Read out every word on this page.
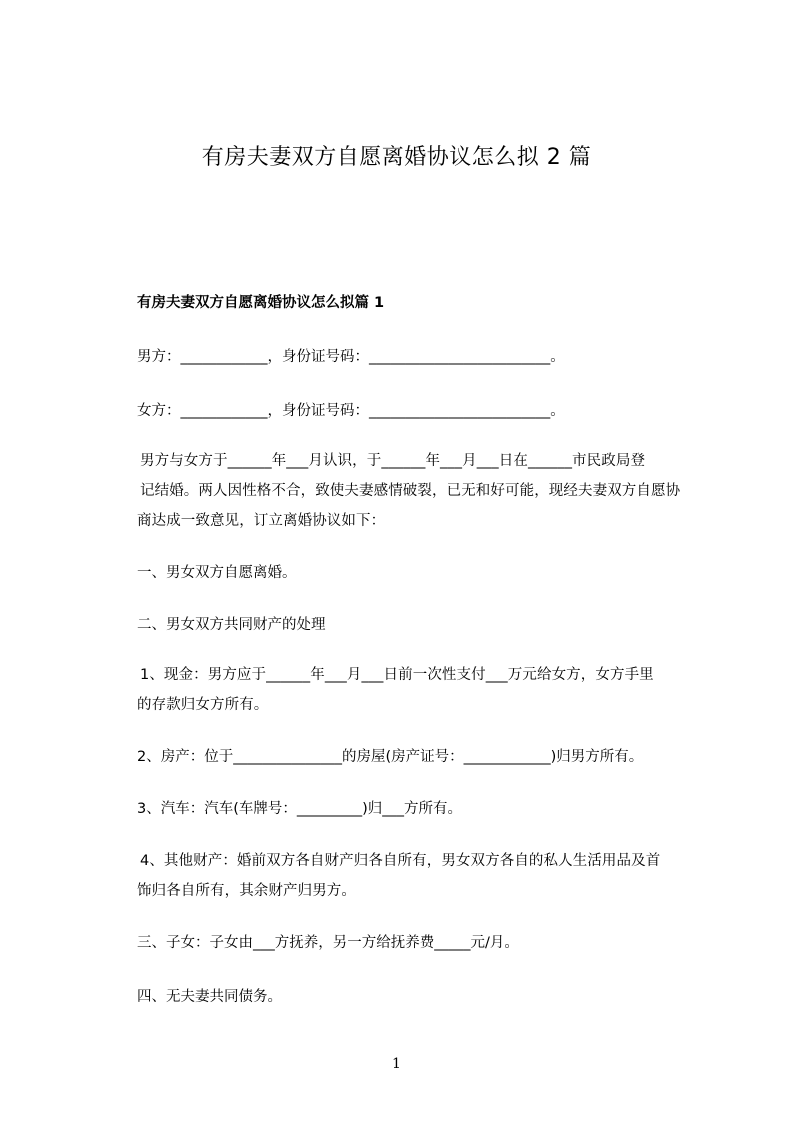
有房夫妻双方自愿离婚协议怎么拟 2 篇
有房夫妻双方自愿离婚协议怎么拟篇 1
男方：____________，身份证号码：_________________________。
女方：____________，身份证号码：_________________________。
男方与女方于______年___月认识，于______年___月___日在______市民政局登
记结婚。两人因性格不合，致使夫妻感情破裂，已无和好可能，现经夫妻双方自愿协
商达成一致意见，订立离婚协议如下：
一、男女双方自愿离婚。
二、男女双方共同财产的处理
1、现金：男方应于______年___月___日前一次性支付___万元给女方，女方手里
的存款归女方所有。
2、房产：位于_______________的房屋(房产证号：____________)归男方所有。
3、汽车：汽车(车牌号：_________)归___方所有。
4、其他财产：婚前双方各自财产归各自所有，男女双方各自的私人生活用品及首
饰归各自所有，其余财产归男方。
三、子女：子女由___方抚养，另一方给抚养费_____元/月。
四、无夫妻共同债务。
1
